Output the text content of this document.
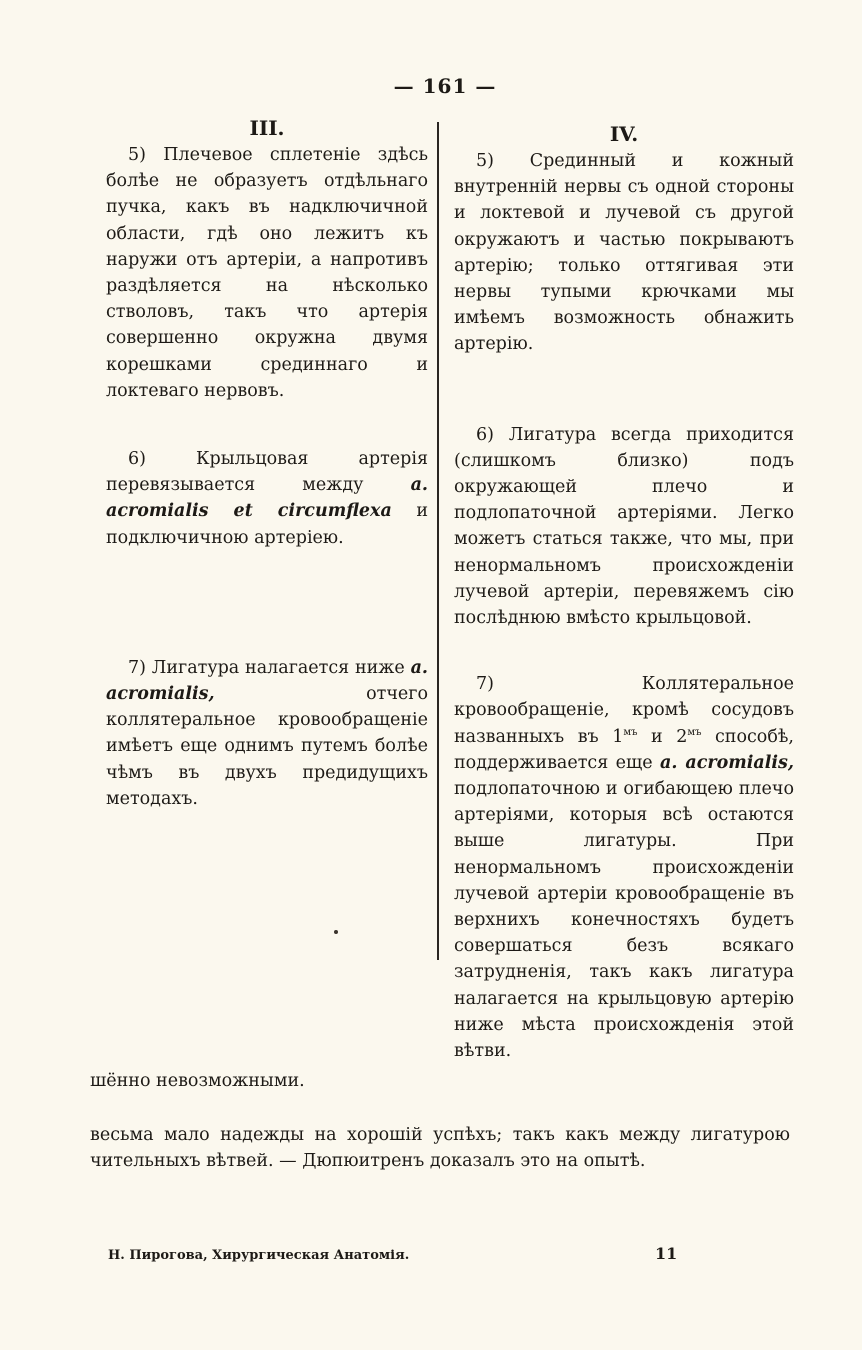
— 161 —
III.

5) Плечевое сплетеніе здѣсь болѣе не образуетъ отдѣльнаго пучка, какъ въ надключичной области, гдѣ оно лежитъ къ наружи отъ артеріи, а напротивъ раздѣляется на нѣсколько стволовъ, такъ что артерія совершенно окружна двумя корешками срединнаго и локтеваго нервовъ.

6) Крыльцовая артерія перевязывается между a. acromialis et circumflexa и подключичною артеріею.

7) Лигатура налагается ниже a. acromialis, отчего коллятеральное кровообращеніе имѣетъ еще однимъ путемъ болѣе чѣмъ въ двухъ предидущихъ методахъ.

IV.

5) Срединный и кожный внутренній нервы съ одной стороны и локтевой и лучевой съ другой окружаютъ и частью покрываютъ артерію; только оттягивая эти нервы тупыми крючками мы имѣемъ возможность обнажить артерію.

6) Лигатура всегда приходится (слишкомъ близко) подъ окружающей плечо и подлопаточной артеріями. Легко можетъ статься также, что мы, при ненормальномъ происхожденіи лучевой артеріи, перевяжемъ сію послѣднюю вмѣсто крыльцовой.

7) Коллятеральное кровообращеніе, кромѣ сосудовъ названныхъ въ $1^{мъ}$ и $2^{мъ}$ способѣ, поддерживается еще a. acromialis, подлопаточною и огибающею плечо артеріями, которыя всѣ остаются выше лигатуры. При ненормальномъ происхожденіи лучевой артеріи кровообращеніе въ верхнихъ конечностяхъ будетъ совершаться безъ всякаго затрудненія, такъ какъ лигатура налагается на крыльцовую артерію ниже мѣста происхожденія этой вѣтви.

шённо невозможными.
весьма мало надежды на хорошій успѣхъ; такъ какъ между лигатурою
чительныхъ вѣтвей. — Дюпюитренъ доказалъ это на опытѣ.
Н. Пирогова, Хирургическая Анатомія.	11
